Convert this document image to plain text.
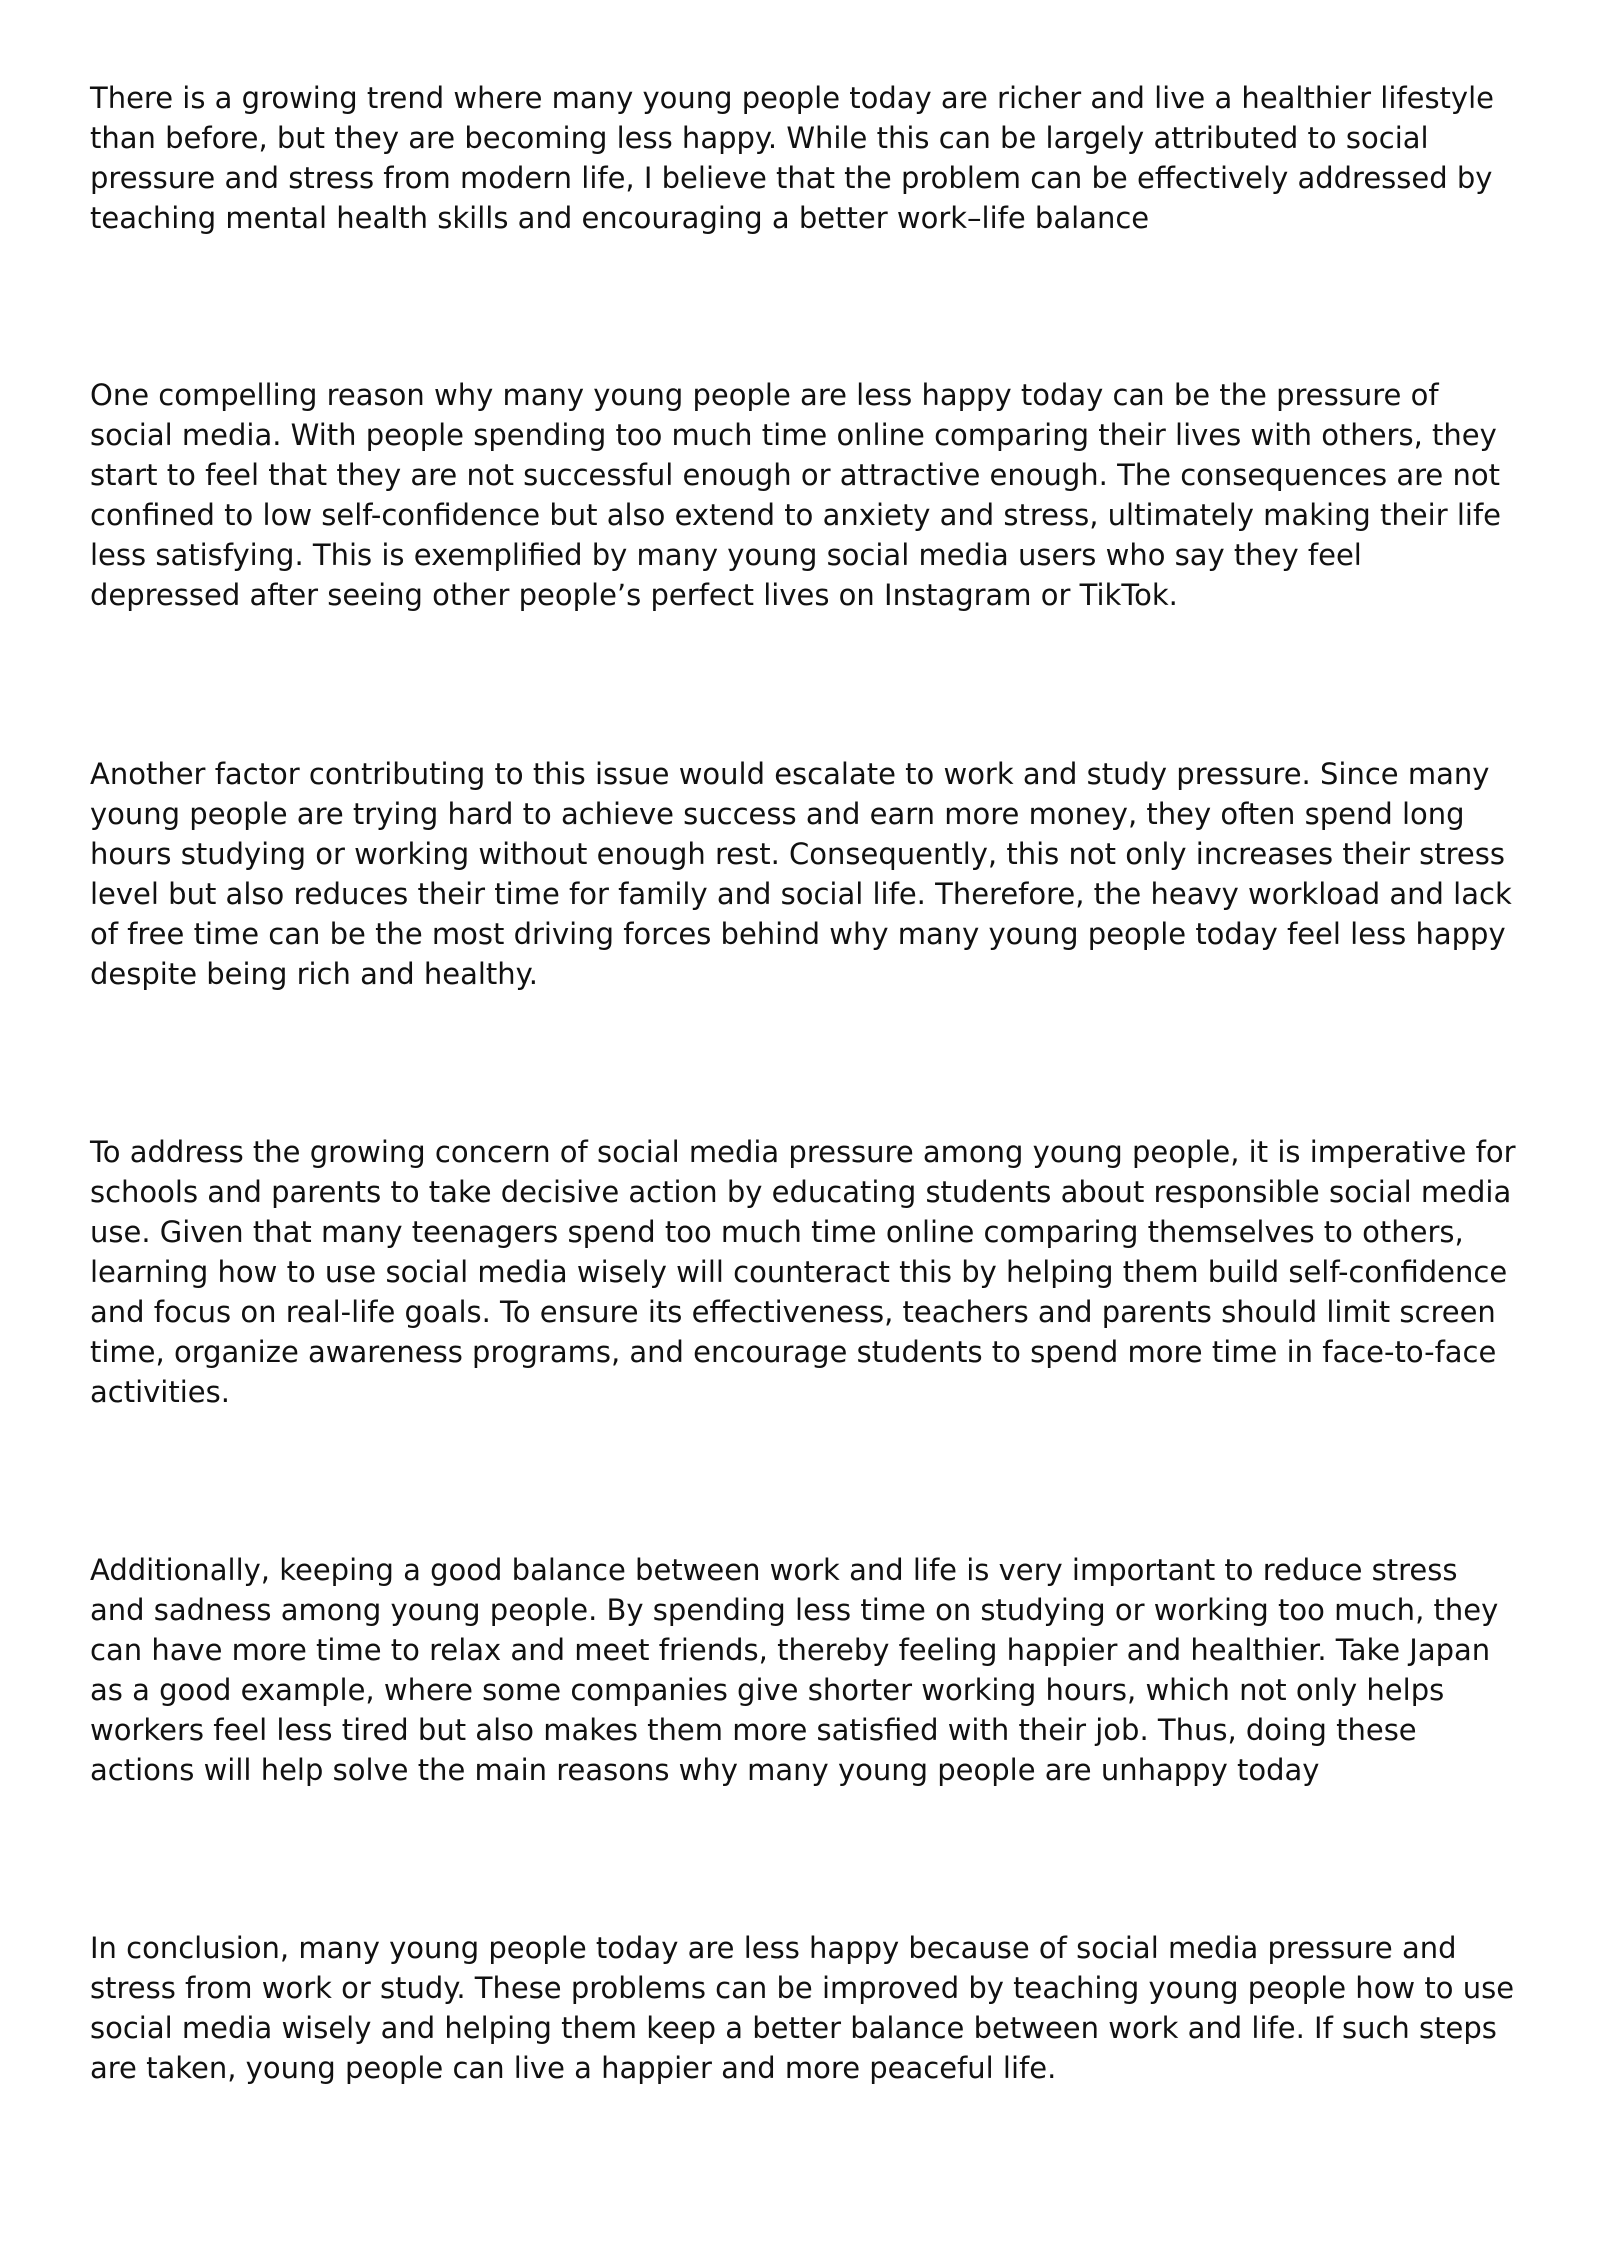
There is a growing trend where many young people today are richer and live a healthier lifestyle than before, but they are becoming less happy. While this can be largely attributed to social pressure and stress from modern life, I believe that the problem can be effectively addressed by teaching mental health skills and encouraging a better work–life balance

One compelling reason why many young people are less happy today can be the pressure of social media. With people spending too much time online comparing their lives with others, they start to feel that they are not successful enough or attractive enough. The consequences are not confined to low self-confidence but also extend to anxiety and stress, ultimately making their life less satisfying. This is exemplified by many young social media users who say they feel depressed after seeing other people’s perfect lives on Instagram or TikTok.

Another factor contributing to this issue would escalate to work and study pressure. Since many young people are trying hard to achieve success and earn more money, they often spend long hours studying or working without enough rest. Consequently, this not only increases their stress level but also reduces their time for family and social life. Therefore, the heavy workload and lack of free time can be the most driving forces behind why many young people today feel less happy despite being rich and healthy.

To address the growing concern of social media pressure among young people, it is imperative for schools and parents to take decisive action by educating students about responsible social media use. Given that many teenagers spend too much time online comparing themselves to others, learning how to use social media wisely will counteract this by helping them build self-confidence and focus on real-life goals. To ensure its effectiveness, teachers and parents should limit screen time, organize awareness programs, and encourage students to spend more time in face-to-face activities.

Additionally, keeping a good balance between work and life is very important to reduce stress and sadness among young people. By spending less time on studying or working too much, they can have more time to relax and meet friends, thereby feeling happier and healthier. Take Japan as a good example, where some companies give shorter working hours, which not only helps workers feel less tired but also makes them more satisfied with their job. Thus, doing these actions will help solve the main reasons why many young people are unhappy today

In conclusion, many young people today are less happy because of social media pressure and stress from work or study. These problems can be improved by teaching young people how to use social media wisely and helping them keep a better balance between work and life. If such steps are taken, young people can live a happier and more peaceful life.
